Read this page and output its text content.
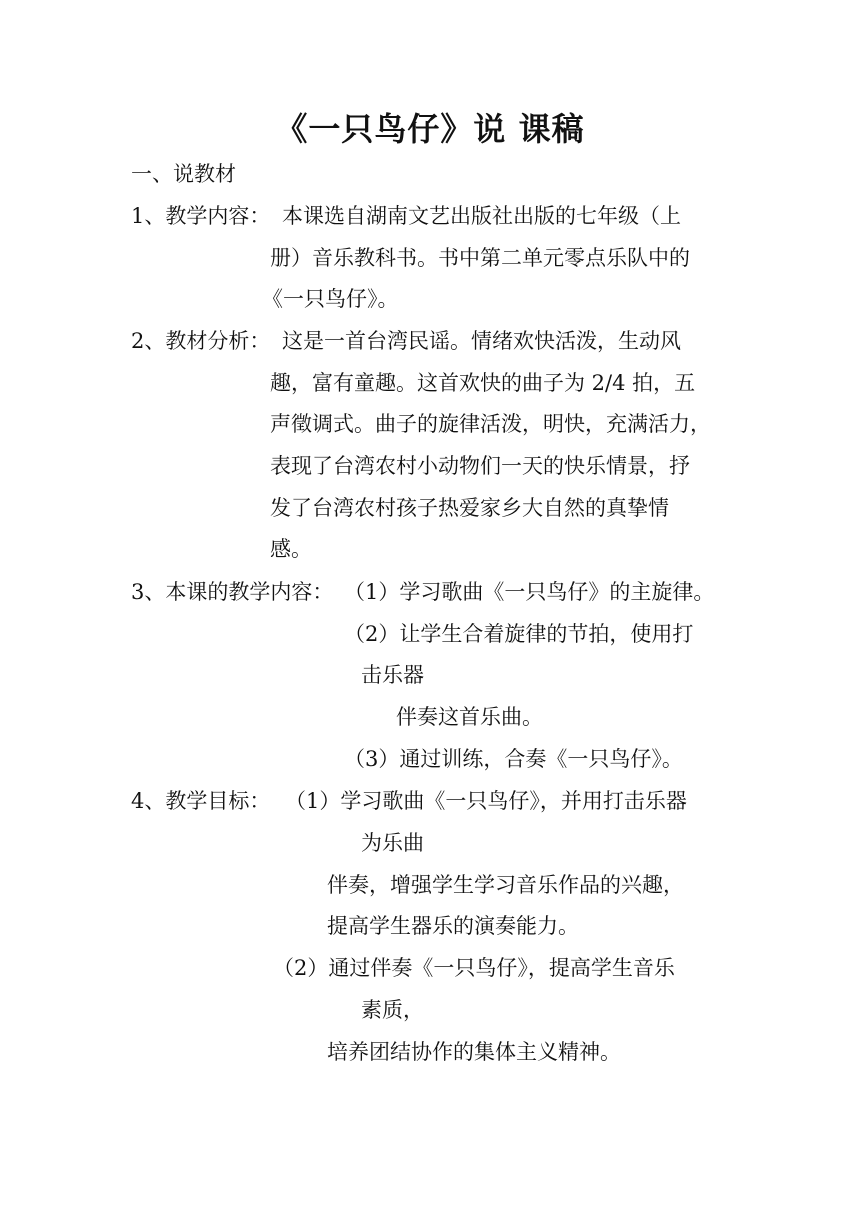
《一只鸟仔》说 课稿
一、说教材
1、教学内容： 本课选自湖南文艺出版社出版的七年级（上
册）音乐教科书。书中第二单元零点乐队中的
《一只鸟仔》。
2、教材分析： 这是一首台湾民谣。情绪欢快活泼，生动风
趣，富有童趣。这首欢快的曲子为 2/4 拍，五
声徵调式。曲子的旋律活泼，明快，充满活力，
表现了台湾农村小动物们一天的快乐情景，抒
发了台湾农村孩子热爱家乡大自然的真挚情
感。
3、本课的教学内容： （1）学习歌曲《一只鸟仔》的主旋律。
（2）让学生合着旋律的节拍，使用打
击乐器
伴奏这首乐曲。
（3）通过训练，合奏《一只鸟仔》。
4、教学目标： （1）学习歌曲《一只鸟仔》，并用打击乐器
为乐曲
伴奏，增强学生学习音乐作品的兴趣，
提高学生器乐的演奏能力。
（2）通过伴奏《一只鸟仔》，提高学生音乐
素质，
培养团结协作的集体主义精神。
